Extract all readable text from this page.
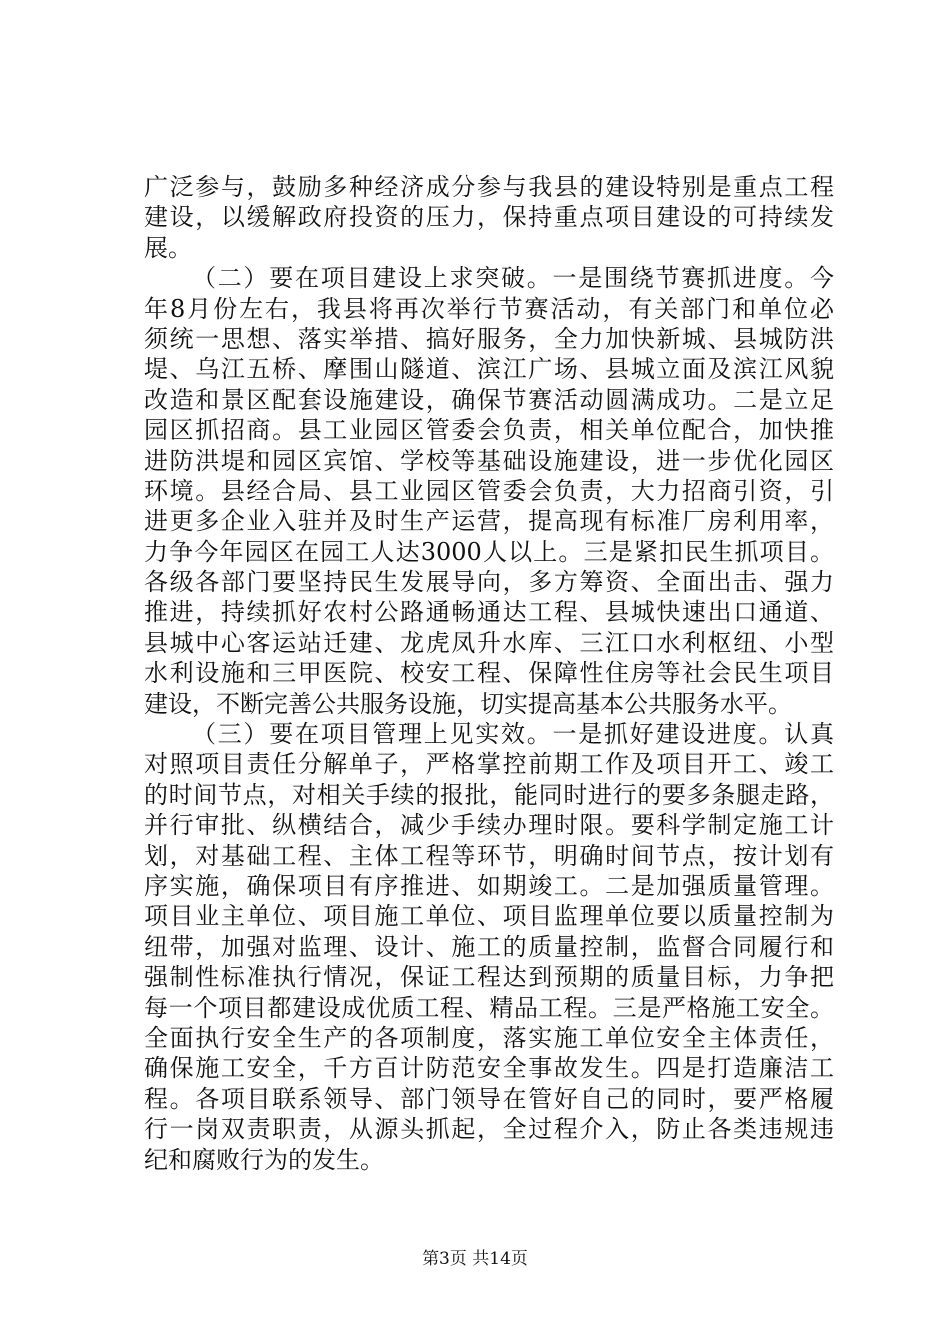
广泛参与，鼓励多种经济成分参与我县的建设特别是重点工程
建设，以缓解政府投资的压力，保持重点项目建设的可持续发
展。
（二）要在项目建设上求突破。一是围绕节赛抓进度。今
年8月份左右，我县将再次举行节赛活动，有关部门和单位必
须统一思想、落实举措、搞好服务，全力加快新城、县城防洪
堤、乌江五桥、摩围山隧道、滨江广场、县城立面及滨江风貌
改造和景区配套设施建设，确保节赛活动圆满成功。二是立足
园区抓招商。县工业园区管委会负责，相关单位配合，加快推
进防洪堤和园区宾馆、学校等基础设施建设，进一步优化园区
环境。县经合局、县工业园区管委会负责，大力招商引资，引
进更多企业入驻并及时生产运营，提高现有标准厂房利用率，
力争今年园区在园工人达3000人以上。三是紧扣民生抓项目。
各级各部门要坚持民生发展导向，多方筹资、全面出击、强力
推进，持续抓好农村公路通畅通达工程、县城快速出口通道、
县城中心客运站迁建、龙虎凤升水库、三江口水利枢纽、小型
水利设施和三甲医院、校安工程、保障性住房等社会民生项目
建设，不断完善公共服务设施，切实提高基本公共服务水平。
（三）要在项目管理上见实效。一是抓好建设进度。认真
对照项目责任分解单子，严格掌控前期工作及项目开工、竣工
的时间节点，对相关手续的报批，能同时进行的要多条腿走路，
并行审批、纵横结合，减少手续办理时限。要科学制定施工计
划，对基础工程、主体工程等环节，明确时间节点，按计划有
序实施，确保项目有序推进、如期竣工。二是加强质量管理。
项目业主单位、项目施工单位、项目监理单位要以质量控制为
纽带，加强对监理、设计、施工的质量控制，监督合同履行和
强制性标准执行情况，保证工程达到预期的质量目标，力争把
每一个项目都建设成优质工程、精品工程。三是严格施工安全。
全面执行安全生产的各项制度，落实施工单位安全主体责任，
确保施工安全，千方百计防范安全事故发生。四是打造廉洁工
程。各项目联系领导、部门领导在管好自己的同时，要严格履
行一岗双责职责，从源头抓起，全过程介入，防止各类违规违
纪和腐败行为的发生。
第3页 共14页
